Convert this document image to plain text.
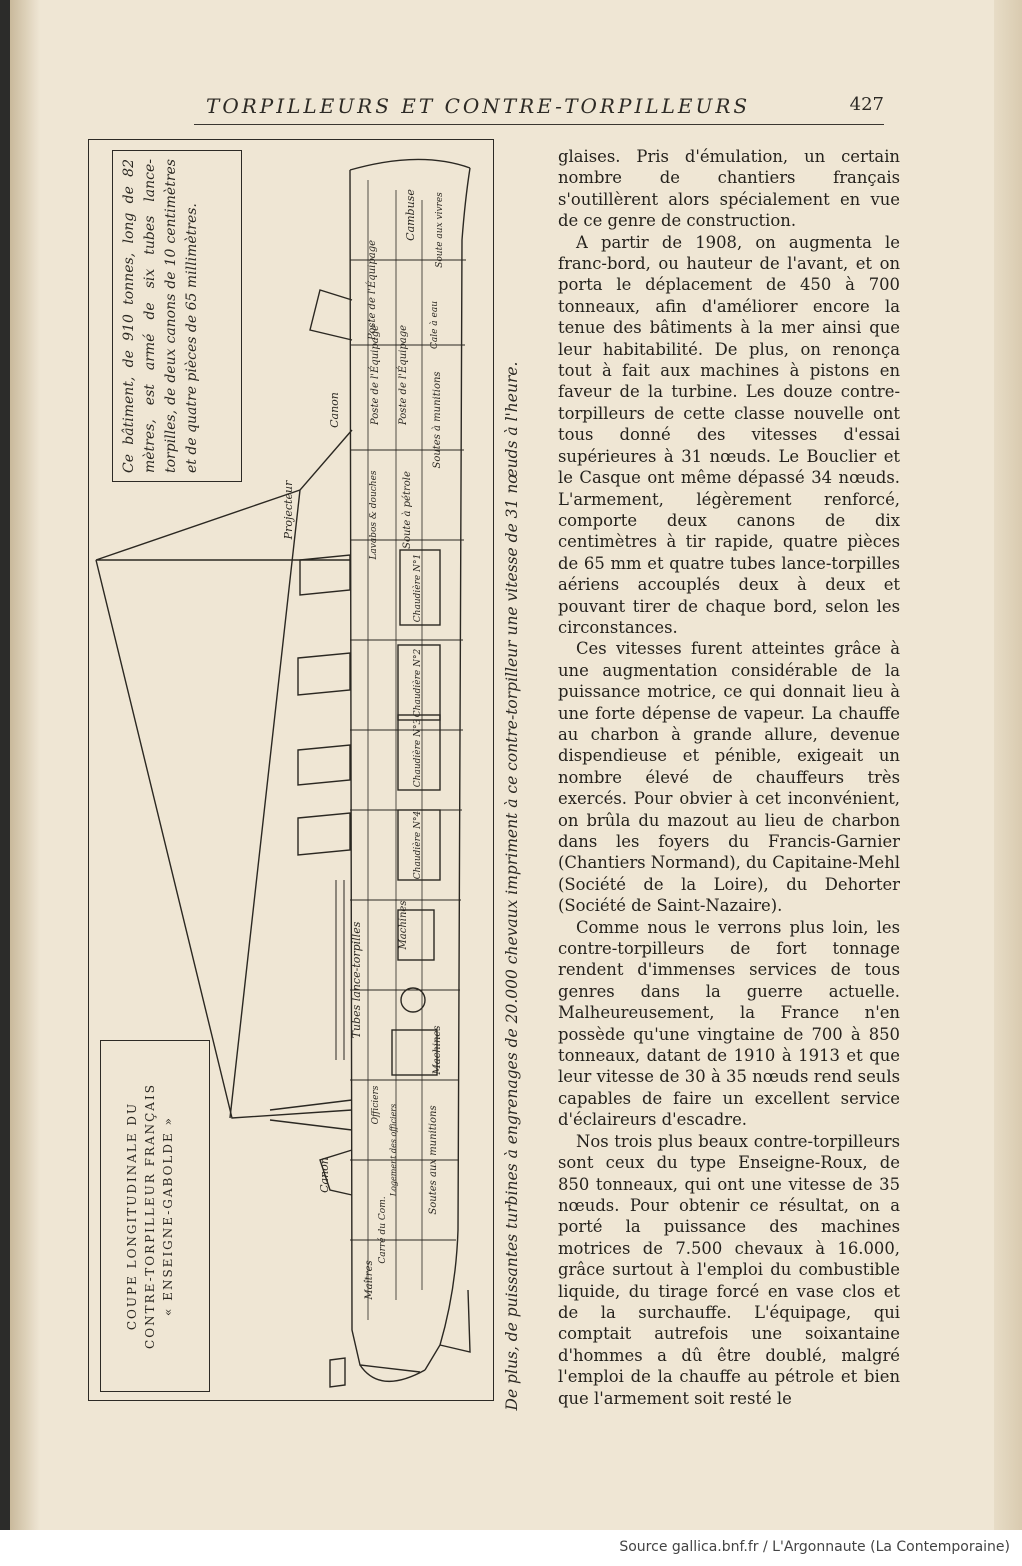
TORPILLEURS ET CONTRE-TORPILLEURS	427
Canon
Projecteur
Tubes lance-torpilles
Canon
Cambuse Soute aux vivres
Poste de l'Équipage
Poste de l'Équipage
Poste de l'Équipage	Cale à eau
Soutes à munitions
Lavabos & douches Soute à pétrole
Chaudière N°1
Chaudière N°2
Chaudière N°3
Chaudière N°4
Machines
Machines
Officiers Logement des officiers	Soutes aux munitions
Carré du Com.
Maîtres
Ce bâtiment, de 910 tonnes, long de 82 mètres, est armé de six tubes lance-torpilles, de deux canons de 10 centimètres et de quatre pièces de 65 millimètres.
COUPE LONGITUDINALE DU CONTRE-TORPILLEUR FRANÇAIS « ENSEIGNE-GABOLDE »	De plus, de puissantes turbines à engrenages de 20.000 chevaux impriment à ce contre-torpilleur une vitesse de 31 nœuds à l'heure.

glaises. Pris d'émulation, un certain nombre de chantiers français s'outillèrent alors spécialement en vue de ce genre de construction.

A partir de 1908, on augmenta le franc-bord, ou hauteur de l'avant, et on porta le déplacement de 450 à 700 tonneaux, afin d'améliorer encore la tenue des bâtiments à la mer ainsi que leur habitabilité. De plus, on renonça tout à fait aux machines à pistons en faveur de la turbine. Les douze contre-torpilleurs de cette classe nouvelle ont tous donné des vitesses d'essai supérieures à 31 nœuds. Le Bouclier et le Casque ont même dépassé 34 nœuds. L'armement, légèrement renforcé, comporte deux canons de dix centimètres à tir rapide, quatre pièces de 65 mm et quatre tubes lance-torpilles aériens accouplés deux à deux et pouvant tirer de chaque bord, selon les circonstances.

Ces vitesses furent atteintes grâce à une augmentation considérable de la puissance motrice, ce qui donnait lieu à une forte dépense de vapeur. La chauffe au charbon à grande allure, devenue dispendieuse et pénible, exigeait un nombre élevé de chauffeurs très exercés. Pour obvier à cet inconvénient, on brûla du mazout au lieu de charbon dans les foyers du Francis-Garnier (Chantiers Normand), du Capitaine-Mehl (Société de la Loire), du Dehorter (Société de Saint-Nazaire).

Comme nous le verrons plus loin, les contre-torpilleurs de fort tonnage rendent d'immenses services de tous genres dans la guerre actuelle. Malheureusement, la France n'en possède qu'une vingtaine de 700 à 850 tonneaux, datant de 1910 à 1913 et que leur vitesse de 30 à 35 nœuds rend seuls capables de faire un excellent service d'éclaireurs d'escadre.

Nos trois plus beaux contre-torpilleurs sont ceux du type Enseigne-Roux, de 850 tonneaux, qui ont une vitesse de 35 nœuds. Pour obtenir ce résultat, on a porté la puissance des machines motrices de 7.500 chevaux à 16.000, grâce surtout à l'emploi du combustible liquide, du tirage forcé en vase clos et de la surchauffe. L'équipage, qui comptait autrefois une soixantaine d'hommes a dû être doublé, malgré l'emploi de la chauffe au pétrole et bien que l'armement soit resté le

Source gallica.bnf.fr / L'Argonnaute (La Contemporaine)
